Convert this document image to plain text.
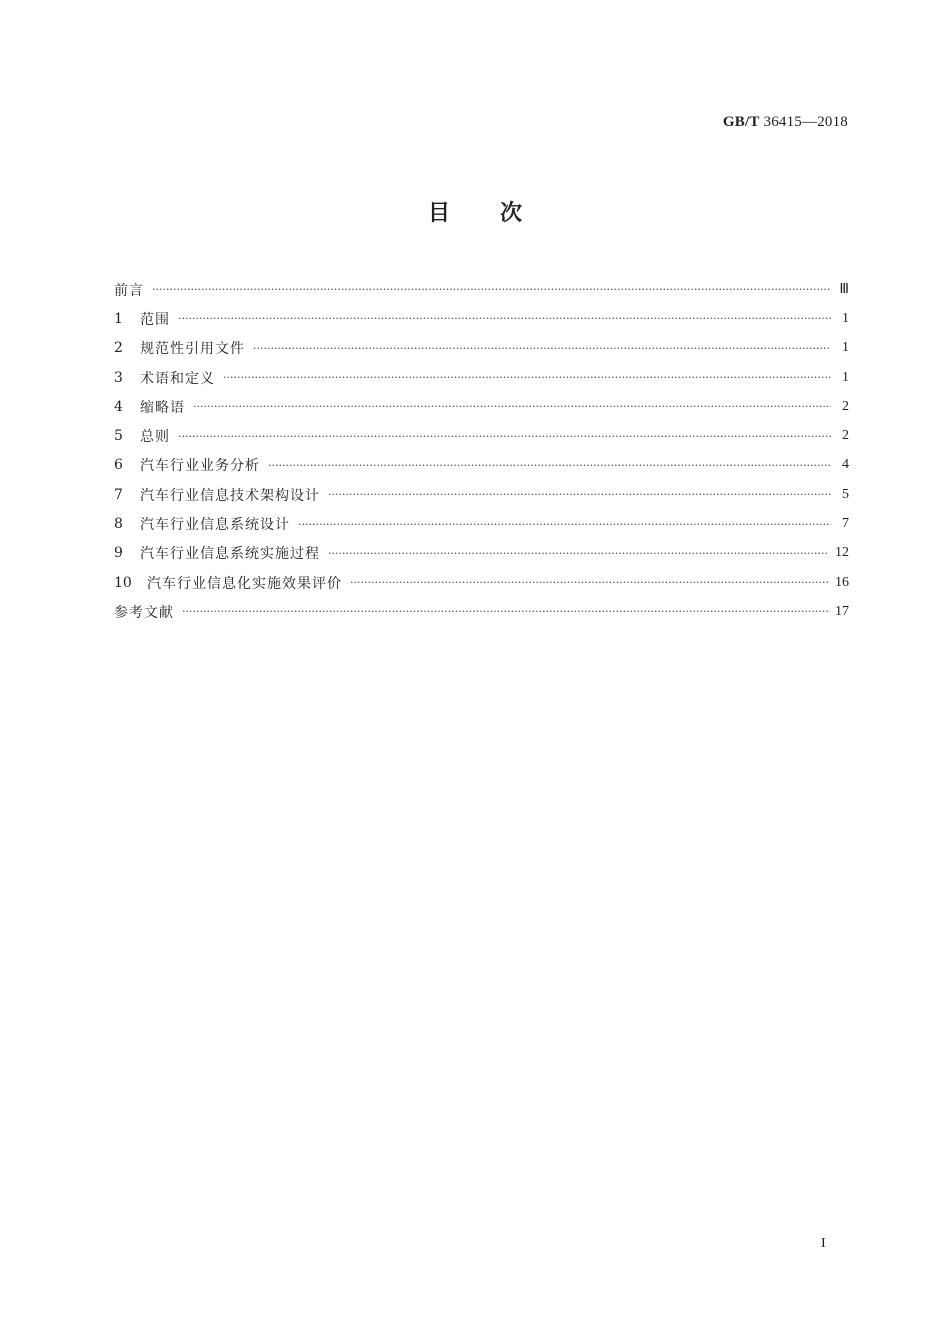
GB/T 36415—2018
目次
前言 ·····	Ⅲ
1	范围 ·····	1
2	规范性引用文件 ·····	1
3	术语和定义 ·····	1
4	缩略语 ·····	2
5	总则 ·····	2
6	汽车行业业务分析 ·····	4
7	汽车行业信息技术架构设计 ·····	5
8	汽车行业信息系统设计 ·····	7
9	汽车行业信息系统实施过程 ·····	12
10	汽车行业信息化实施效果评价 ·····	16
参考文献 ·····	17
I
